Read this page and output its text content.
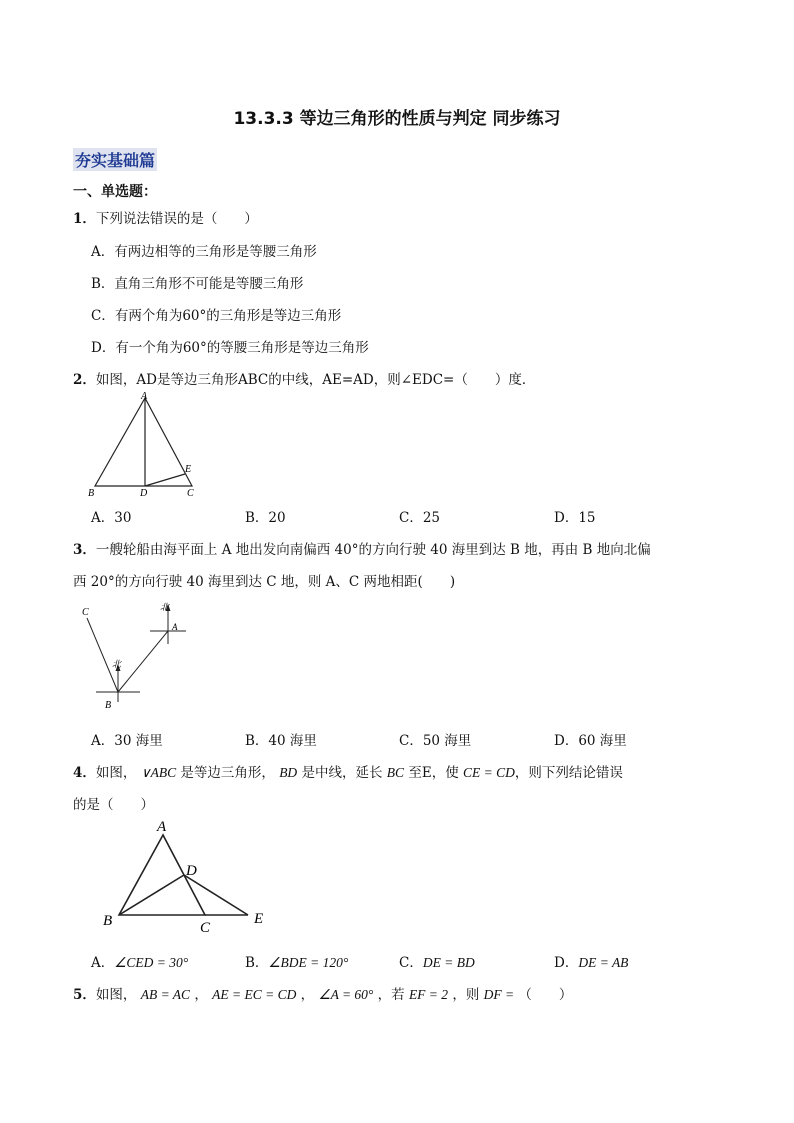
13.3.3 等边三角形的性质与判定 同步练习
夯实基础篇
一、单选题：
1．下列说法错误的是（　　）
A．有两边相等的三角形是等腰三角形
B．直角三角形不可能是等腰三角形
C．有两个角为60°的三角形是等边三角形
D．有一个角为60°的等腰三角形是等边三角形
2．如图，AD是等边三角形ABC的中线，AE=AD，则∠EDC=（　　）度．
A
B	D	C
E
A．30	B．20	C．25	D．15
3．一艘轮船由海平面上 A 地出发向南偏西 40°的方向行驶 40 海里到达 B 地，再由 B 地向北偏
西 20°的方向行驶 40 海里到达 C 地，则 A、C 两地相距(　　)
C
A
B
北
北
A．30 海里	B．40 海里	C．50 海里	D．60 海里
4．如图， ∨ABC 是等边三角形， BD 是中线，延长 BC 至E，使 CE = CD，则下列结论错误
的是（　　）
A
B	C
D
E
A．∠CED = 30°	B．∠BDE = 120°	C．DE = BD	D．DE = AB
5．如图， AB = AC ， AE = EC = CD ， ∠A = 60° ，若 EF = 2 ，则 DF = （　　）
